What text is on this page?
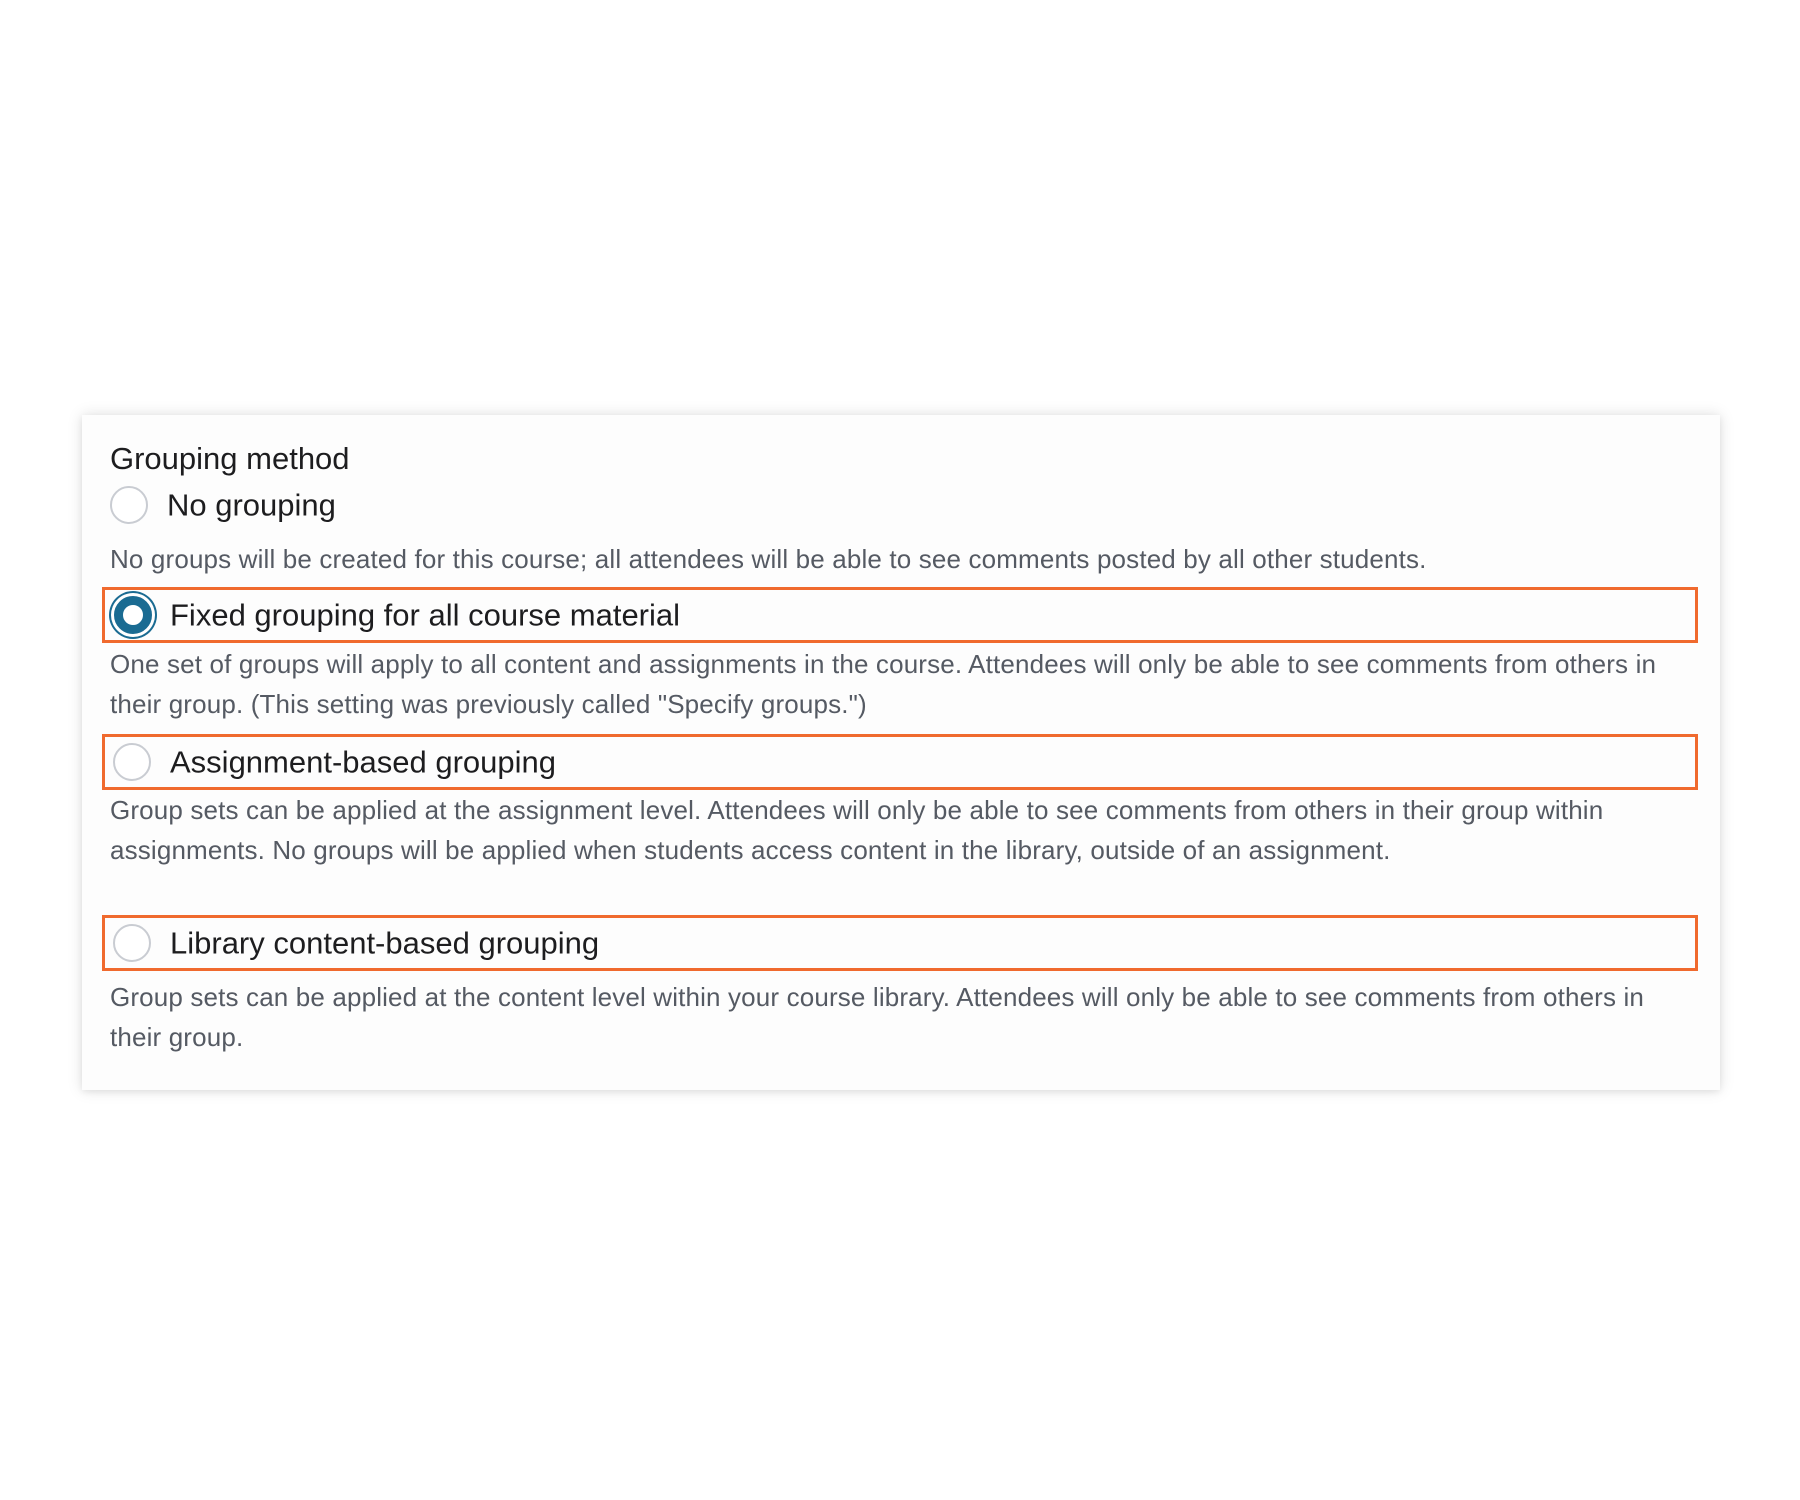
Grouping method
No grouping
No groups will be created for this course; all attendees will be able to see comments posted by all other students.
Fixed grouping for all course material
One set of groups will apply to all content and assignments in the course. Attendees will only be able to see comments from others in their group. (This setting was previously called "Specify groups.")
Assignment-based grouping
Group sets can be applied at the assignment level. Attendees will only be able to see comments from others in their group within assignments. No groups will be applied when students access content in the library, outside of an assignment.
Library content-based grouping
Group sets can be applied at the content level within your course library. Attendees will only be able to see comments from others in their group.
